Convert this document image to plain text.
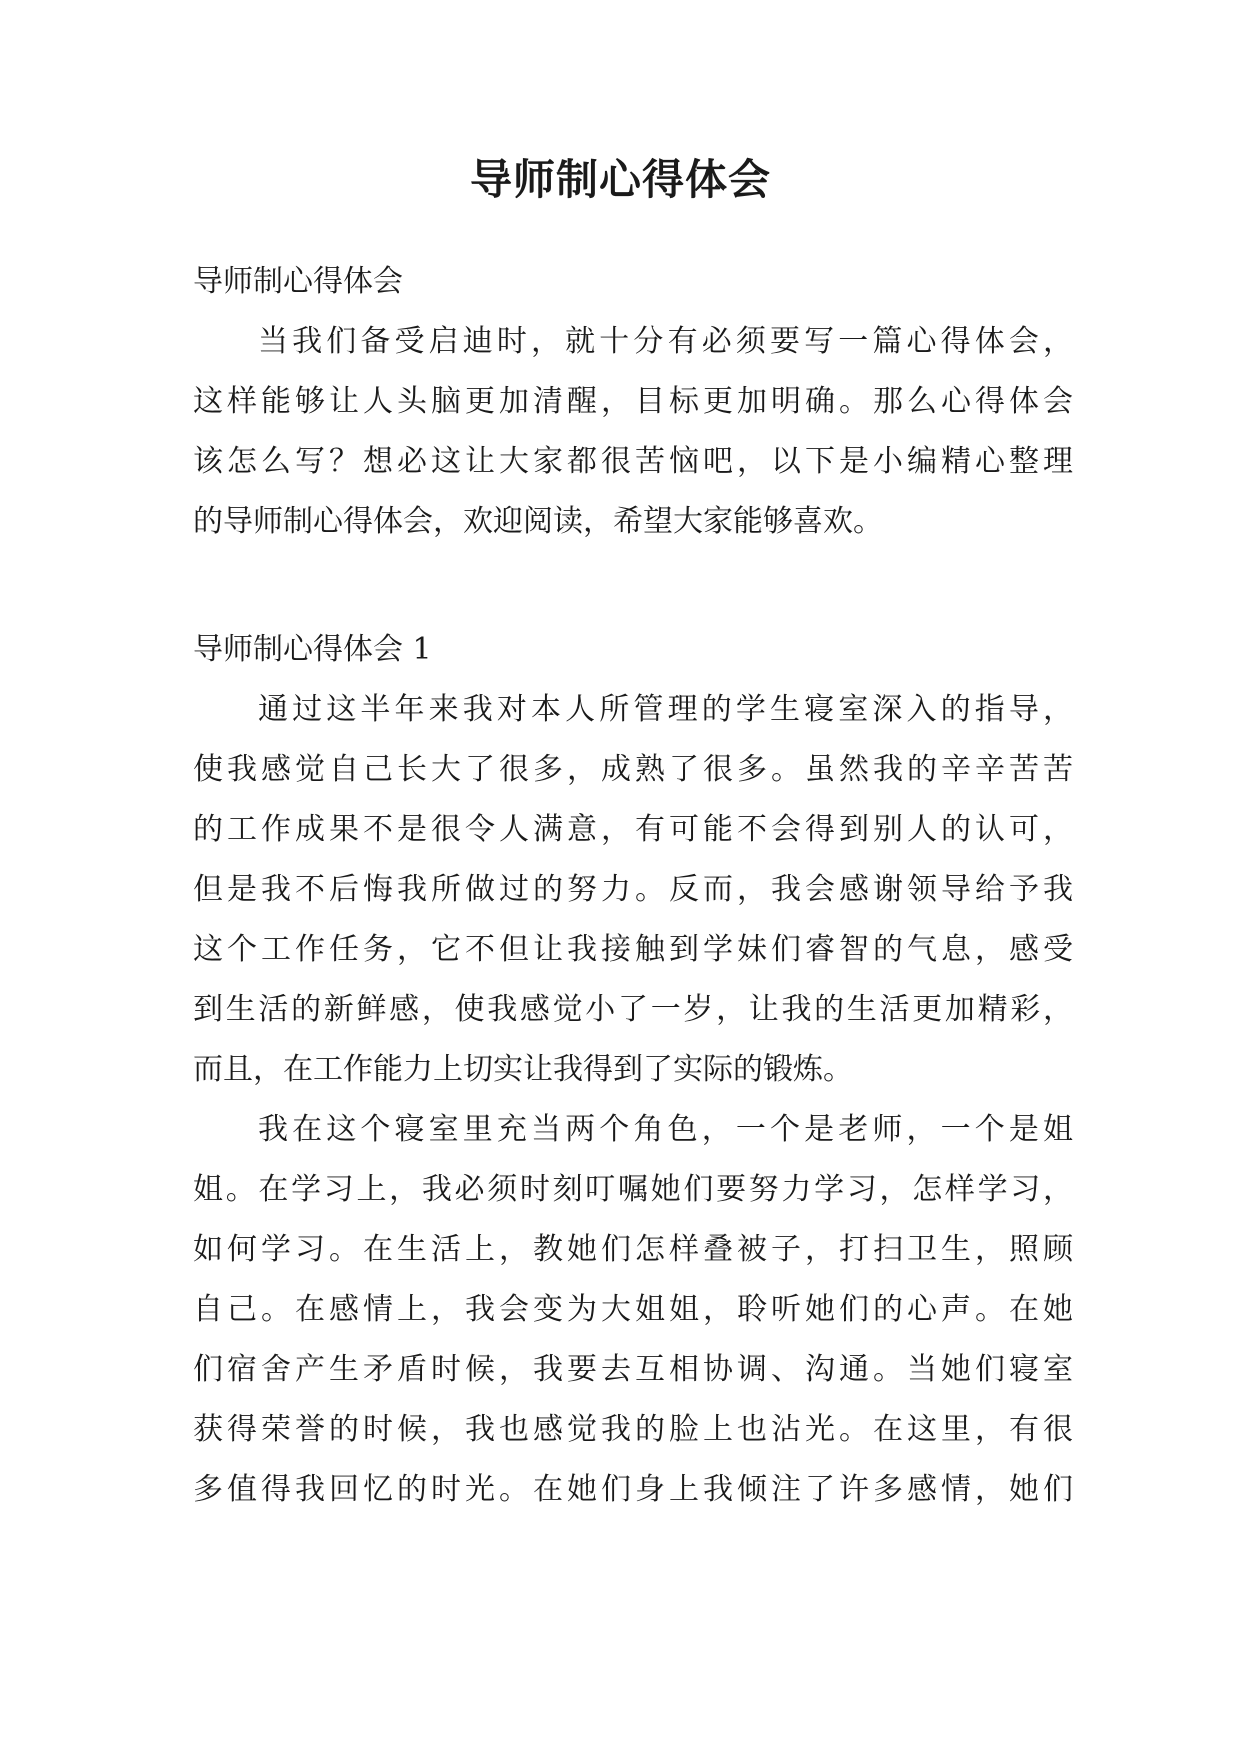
导师制心得体会
导师制心得体会
当我们备受启迪时，就十分有必须要写一篇心得体会，
这样能够让人头脑更加清醒，目标更加明确。那么心得体会
该怎么写？想必这让大家都很苦恼吧，以下是小编精心整理
的导师制心得体会，欢迎阅读，希望大家能够喜欢。
导师制心得体会 1
通过这半年来我对本人所管理的学生寝室深入的指导，
使我感觉自己长大了很多，成熟了很多。虽然我的辛辛苦苦
的工作成果不是很令人满意，有可能不会得到别人的认可，
但是我不后悔我所做过的努力。反而，我会感谢领导给予我
这个工作任务，它不但让我接触到学妹们睿智的气息，感受
到生活的新鲜感，使我感觉小了一岁，让我的生活更加精彩，
而且，在工作能力上切实让我得到了实际的锻炼。
我在这个寝室里充当两个角色，一个是老师，一个是姐
姐。在学习上，我必须时刻叮嘱她们要努力学习，怎样学习，
如何学习。在生活上，教她们怎样叠被子，打扫卫生，照顾
自己。在感情上，我会变为大姐姐，聆听她们的心声。在她
们宿舍产生矛盾时候，我要去互相协调、沟通。当她们寝室
获得荣誉的时候，我也感觉我的脸上也沾光。在这里，有很
多值得我回忆的时光。在她们身上我倾注了许多感情，她们
